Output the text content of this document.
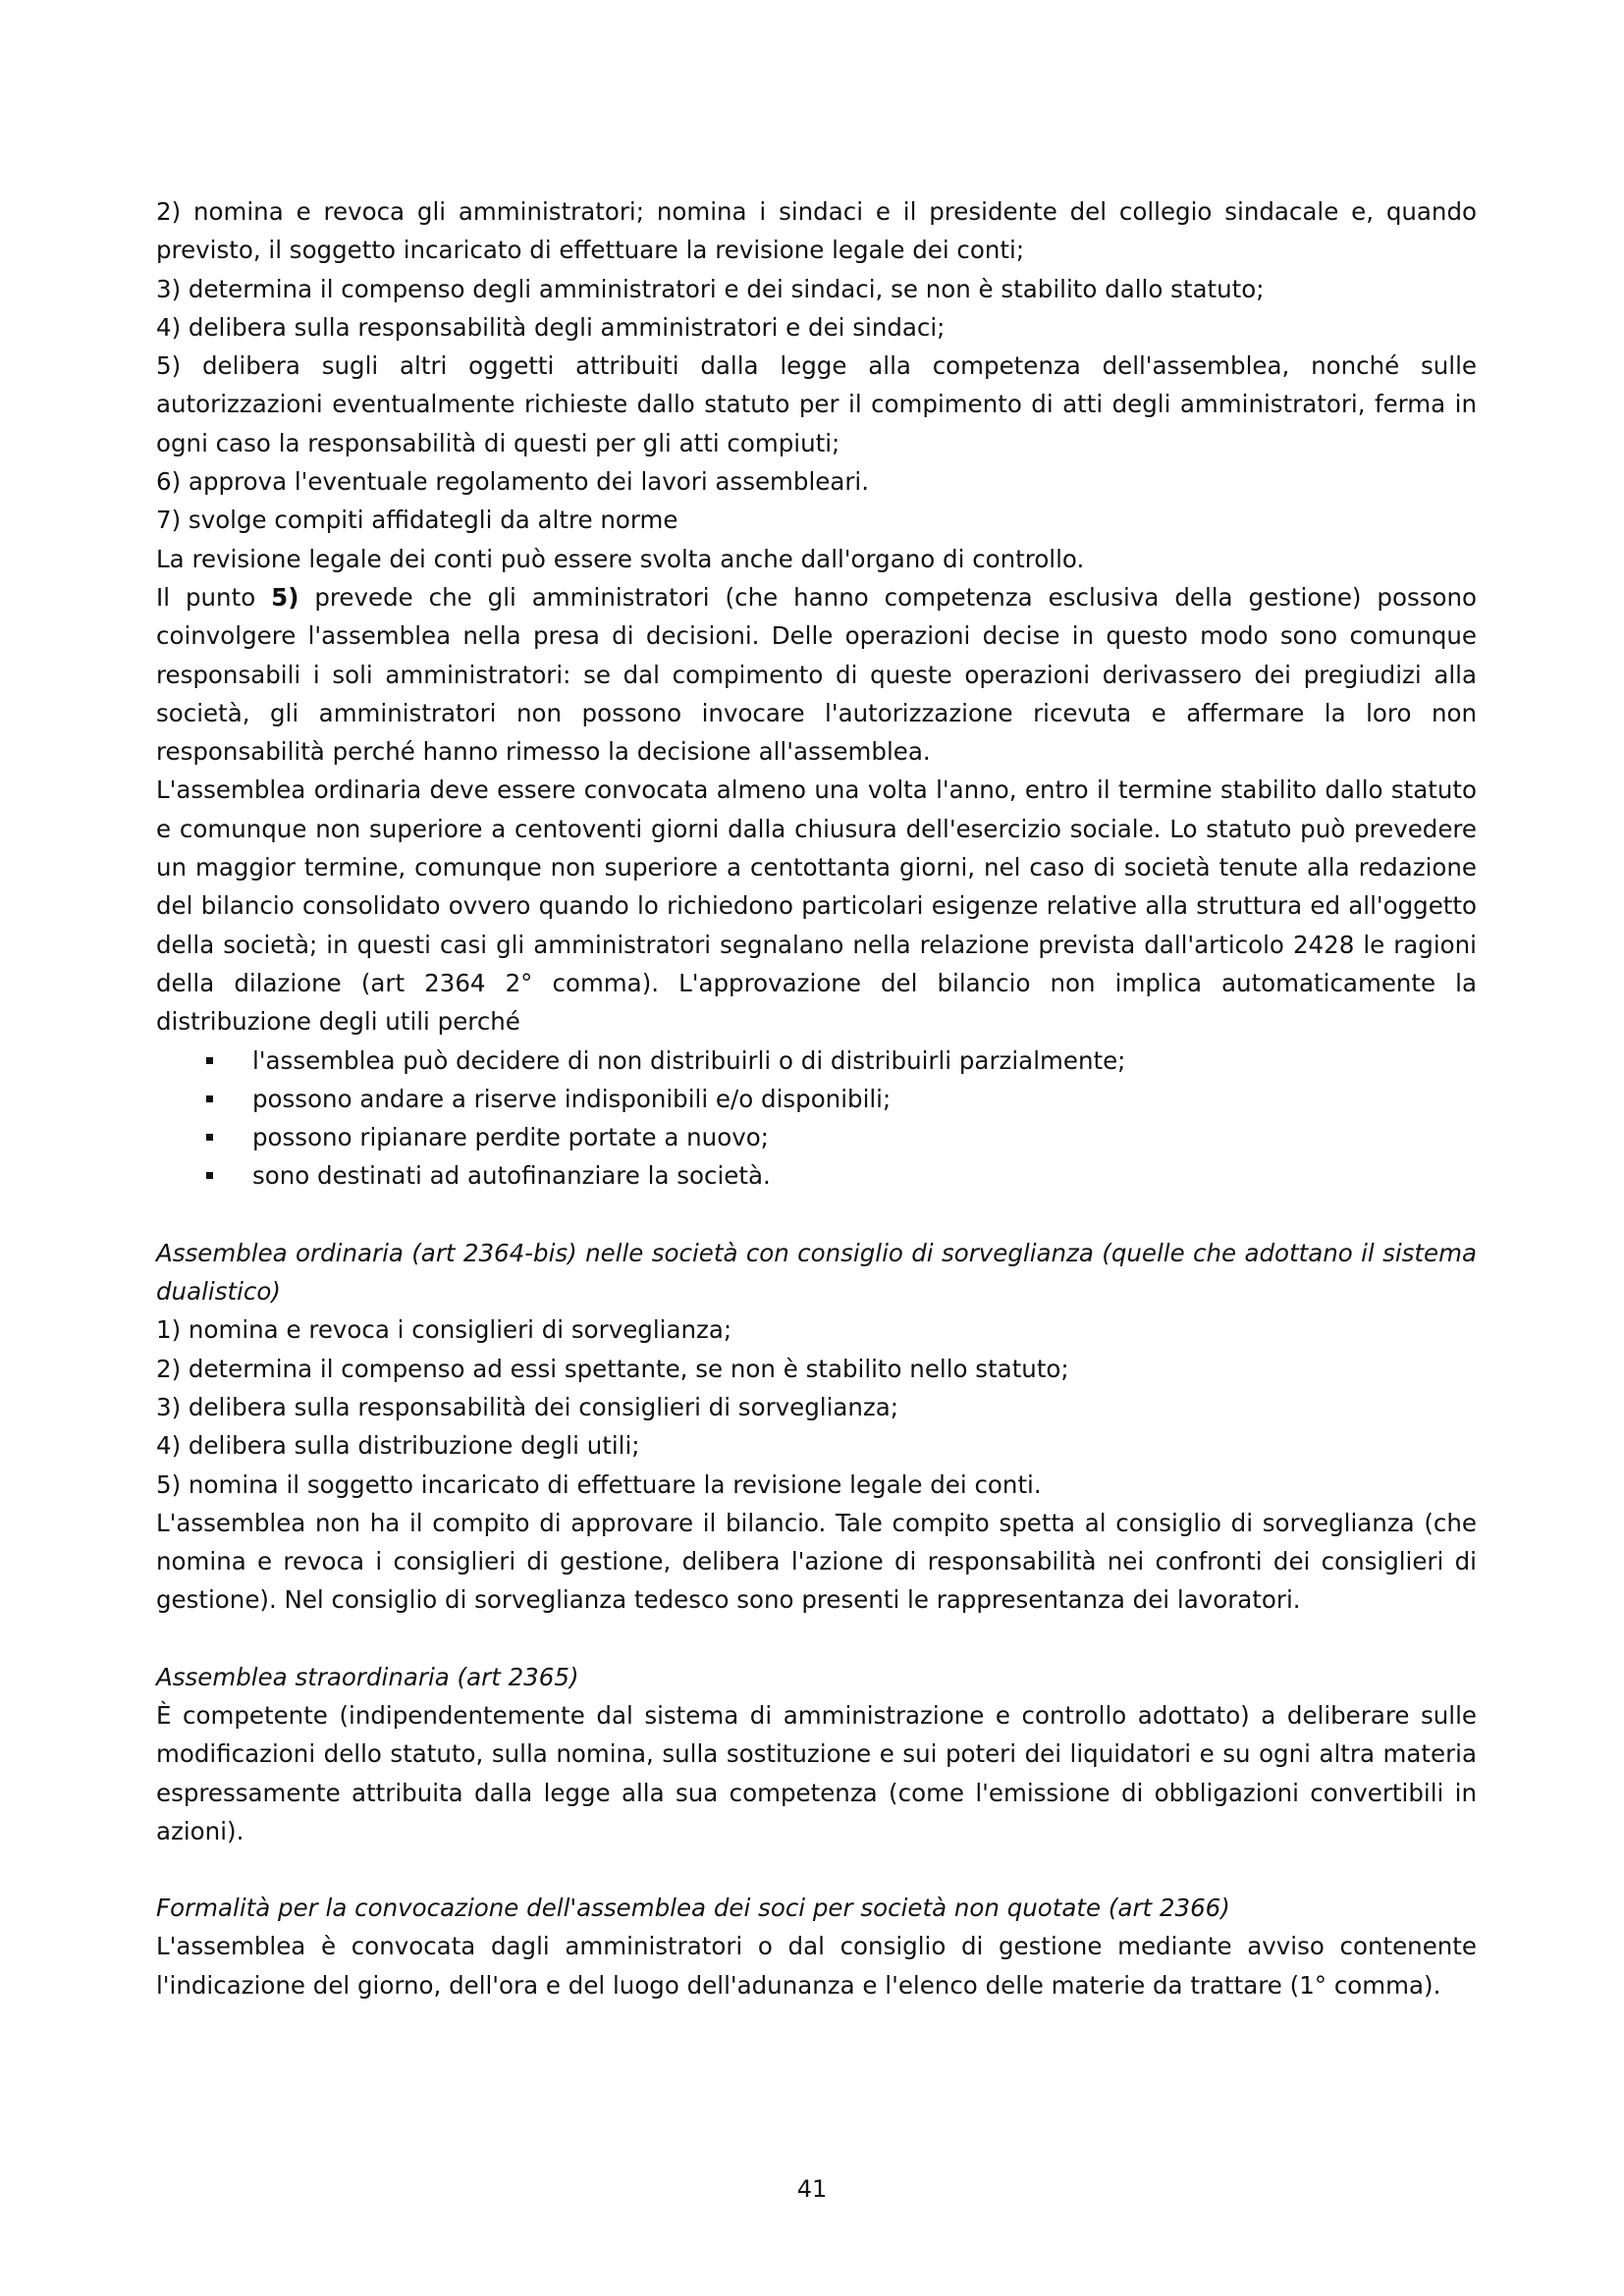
2) nomina e revoca gli amministratori; nomina i sindaci e il presidente del collegio sindacale e, quando previsto, il soggetto incaricato di effettuare la revisione legale dei conti;

3) determina il compenso degli amministratori e dei sindaci, se non è stabilito dallo statuto;

4) delibera sulla responsabilità degli amministratori e dei sindaci;

5) delibera sugli altri oggetti attribuiti dalla legge alla competenza dell'assemblea, nonché sulle autorizzazioni eventualmente richieste dallo statuto per il compimento di atti degli amministratori, ferma in ogni caso la responsabilità di questi per gli atti compiuti;

6) approva l'eventuale regolamento dei lavori assembleari.

7) svolge compiti affidategli da altre norme

La revisione legale dei conti può essere svolta anche dall'organo di controllo.

Il punto 5) prevede che gli amministratori (che hanno competenza esclusiva della gestione) possono coinvolgere l'assemblea nella presa di decisioni. Delle operazioni decise in questo modo sono comunque responsabili i soli amministratori: se dal compimento di queste operazioni derivassero dei pregiudizi alla società, gli amministratori non possono invocare l'autorizzazione ricevuta e affermare la loro non responsabilità perché hanno rimesso la decisione all'assemblea.

L'assemblea ordinaria deve essere convocata almeno una volta l'anno, entro il termine stabilito dallo statuto e comunque non superiore a centoventi giorni dalla chiusura dell'esercizio sociale. Lo statuto può prevedere un maggior termine, comunque non superiore a centottanta giorni, nel caso di società tenute alla redazione del bilancio consolidato ovvero quando lo richiedono particolari esigenze relative alla struttura ed all'oggetto della società; in questi casi gli amministratori segnalano nella relazione prevista dall'articolo 2428 le ragioni della dilazione (art 2364 2° comma). L'approvazione del bilancio non implica automaticamente la distribuzione degli utili perché

l'assemblea può decidere di non distribuirli o di distribuirli parzialmente;
possono andare a riserve indisponibili e/o disponibili;
possono ripianare perdite portate a nuovo;
sono destinati ad autofinanziare la società.

Assemblea ordinaria (art 2364-bis) nelle società con consiglio di sorveglianza (quelle che adottano il sistema dualistico)

1) nomina e revoca i consiglieri di sorveglianza;

2) determina il compenso ad essi spettante, se non è stabilito nello statuto;

3) delibera sulla responsabilità dei consiglieri di sorveglianza;

4) delibera sulla distribuzione degli utili;

5) nomina il soggetto incaricato di effettuare la revisione legale dei conti.

L'assemblea non ha il compito di approvare il bilancio. Tale compito spetta al consiglio di sorveglianza (che nomina e revoca i consiglieri di gestione, delibera l'azione di responsabilità nei confronti dei consiglieri di gestione). Nel consiglio di sorveglianza tedesco sono presenti le rappresentanza dei lavoratori.

Assemblea straordinaria (art 2365)

È competente (indipendentemente dal sistema di amministrazione e controllo adottato) a deliberare sulle modificazioni dello statuto, sulla nomina, sulla sostituzione e sui poteri dei liquidatori e su ogni altra materia espressamente attribuita dalla legge alla sua competenza (come l'emissione di obbligazioni convertibili in azioni).

Formalità per la convocazione dell'assemblea dei soci per società non quotate (art 2366)

L'assemblea è convocata dagli amministratori o dal consiglio di gestione mediante avviso contenente l'indicazione del giorno, dell'ora e del luogo dell'adunanza e l'elenco delle materie da trattare (1° comma).

41
